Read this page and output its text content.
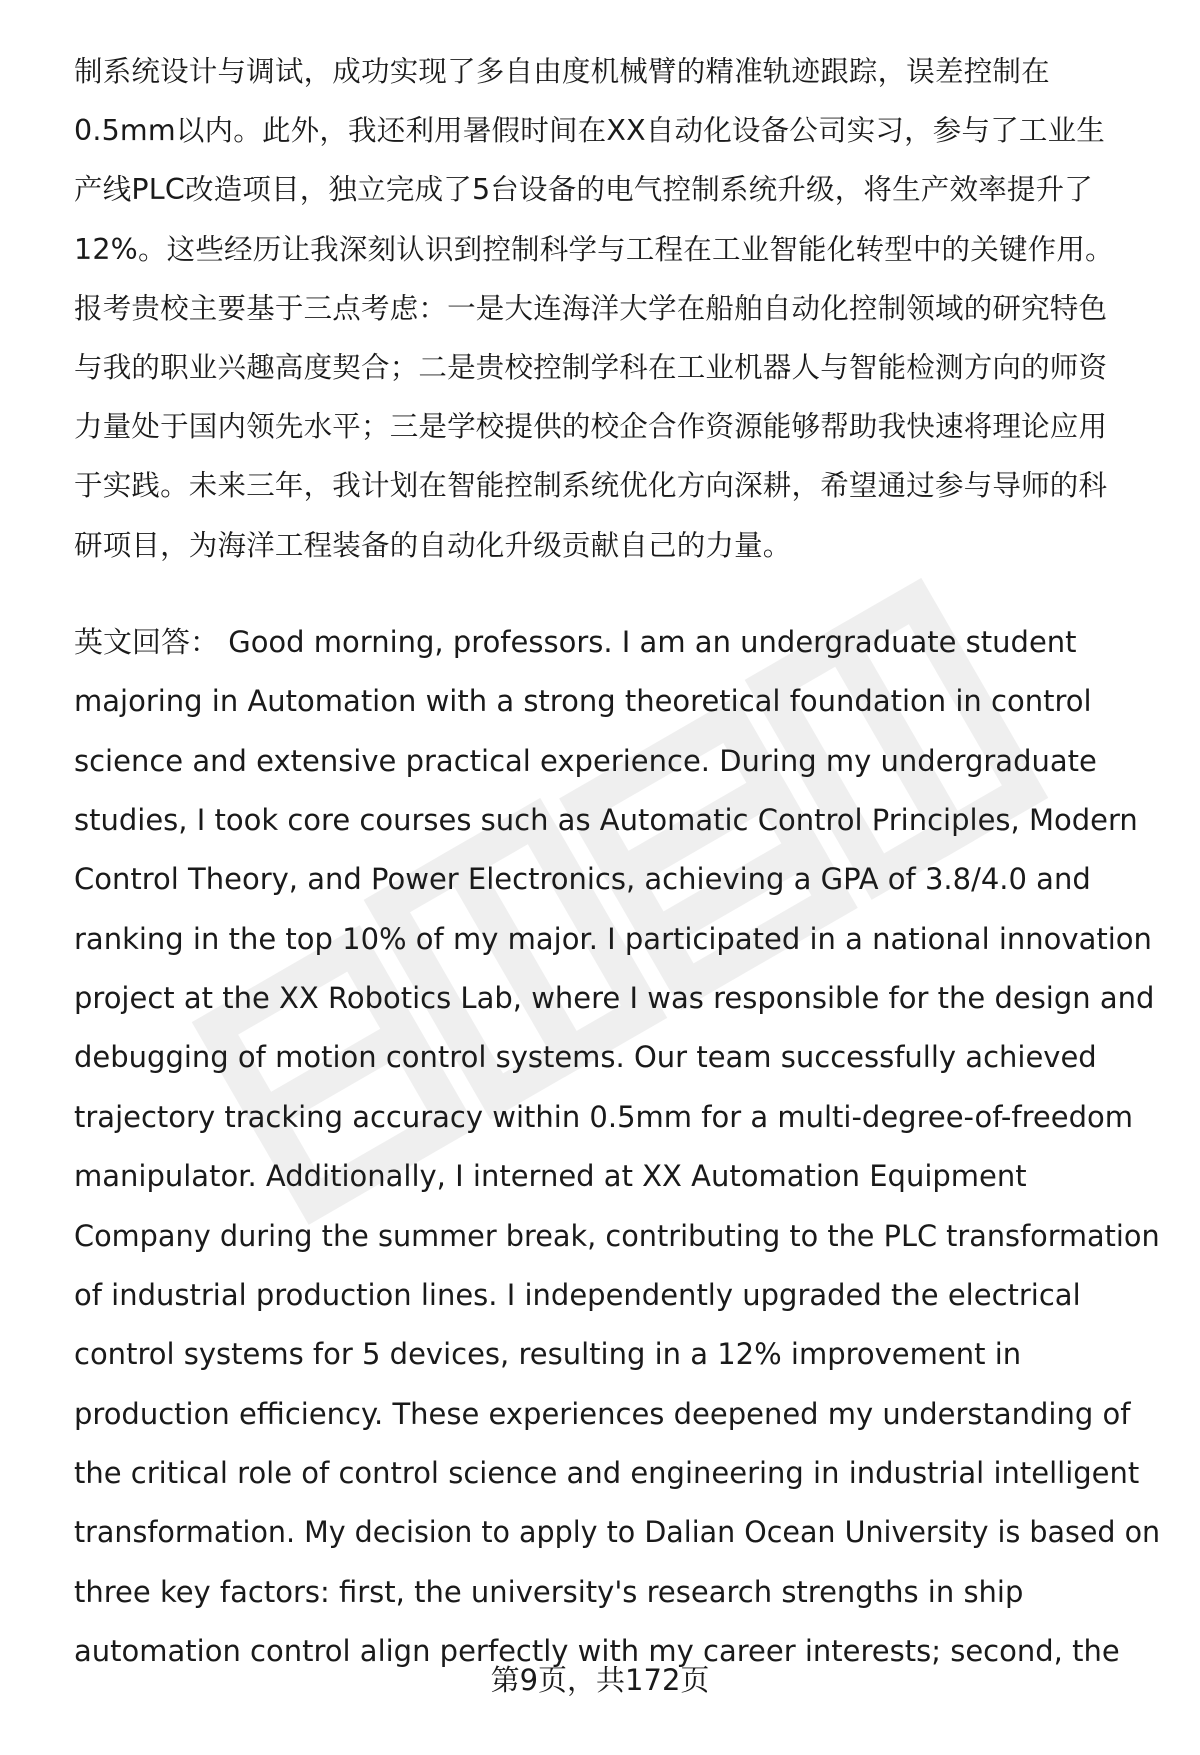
制系统设计与调试，成功实现了多自由度机械臂的精准轨迹跟踪，误差控制在

0.5mm以内。此外，我还利用暑假时间在XX自动化设备公司实习，参与了工业生

产线PLC改造项目，独立完成了5台设备的电气控制系统升级，将生产效率提升了

12%。这些经历让我深刻认识到控制科学与工程在工业智能化转型中的关键作用。

报考贵校主要基于三点考虑：一是大连海洋大学在船舶自动化控制领域的研究特色

与我的职业兴趣高度契合；二是贵校控制学科在工业机器人与智能检测方向的师资

力量处于国内领先水平；三是学校提供的校企合作资源能够帮助我快速将理论应用

于实践。未来三年，我计划在智能控制系统优化方向深耕，希望通过参与导师的科

研项目，为海洋工程装备的自动化升级贡献自己的力量。

英文回答： Good morning, professors. I am an undergraduate student

majoring in Automation with a strong theoretical foundation in control

science and extensive practical experience. During my undergraduate

studies, I took core courses such as Automatic Control Principles, Modern

Control Theory, and Power Electronics, achieving a GPA of 3.8/4.0 and

ranking in the top 10% of my major. I participated in a national innovation

project at the XX Robotics Lab, where I was responsible for the design and

debugging of motion control systems. Our team successfully achieved

trajectory tracking accuracy within 0.5mm for a multi-degree-of-freedom

manipulator. Additionally, I interned at XX Automation Equipment

Company during the summer break, contributing to the PLC transformation

of industrial production lines. I independently upgraded the electrical

control systems for 5 devices, resulting in a 12% improvement in

production efficiency. These experiences deepened my understanding of

the critical role of control science and engineering in industrial intelligent

transformation. My decision to apply to Dalian Ocean University is based on

three key factors: first, the university's research strengths in ship

automation control align perfectly with my career interests; second, the

第9页，共172页
